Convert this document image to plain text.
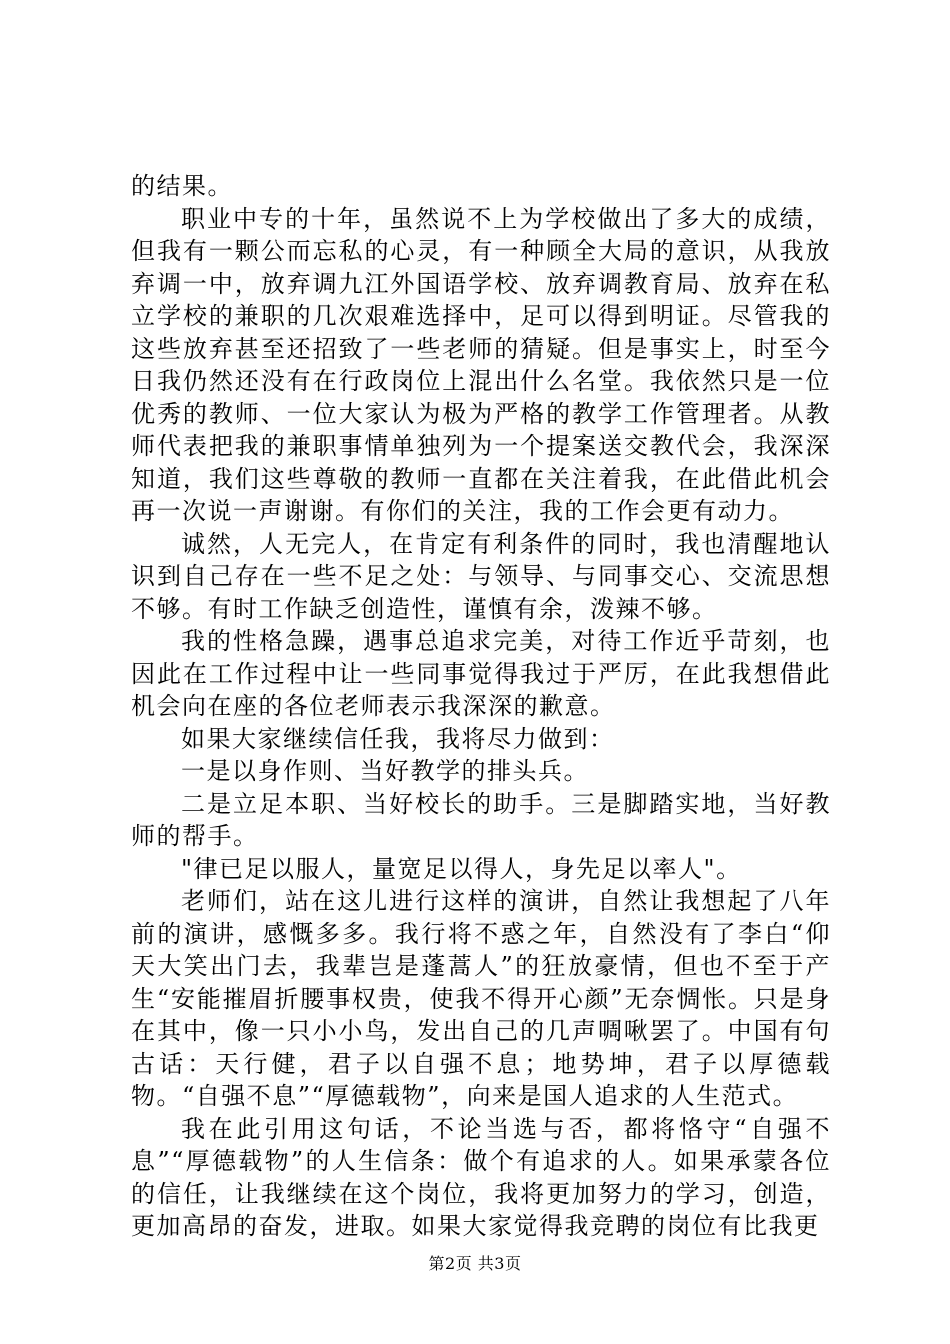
的结果。

职业中专的十年，虽然说不上为学校做出了多大的成绩，但我有一颗公而忘私的心灵，有一种顾全大局的意识，从我放弃调一中，放弃调九江外国语学校、放弃调教育局、放弃在私立学校的兼职的几次艰难选择中，足可以得到明证。尽管我的这些放弃甚至还招致了一些老师的猜疑。但是事实上，时至今日我仍然还没有在行政岗位上混出什么名堂。我依然只是一位优秀的教师、一位大家认为极为严格的教学工作管理者。从教师代表把我的兼职事情单独列为一个提案送交教代会，我深深知道，我们这些尊敬的教师一直都在关注着我，在此借此机会再一次说一声谢谢。有你们的关注，我的工作会更有动力。

诚然，人无完人，在肯定有利条件的同时，我也清醒地认识到自己存在一些不足之处：与领导、与同事交心、交流思想不够。有时工作缺乏创造性，谨慎有余，泼辣不够。

我的性格急躁，遇事总追求完美，对待工作近乎苛刻，也因此在工作过程中让一些同事觉得我过于严厉，在此我想借此机会向在座的各位老师表示我深深的歉意。

如果大家继续信任我，我将尽力做到：

一是以身作则、当好教学的排头兵。

二是立足本职、当好校长的助手。三是脚踏实地，当好教师的帮手。

"律已足以服人，量宽足以得人，身先足以率人"。

老师们，站在这儿进行这样的演讲，自然让我想起了八年前的演讲，感慨多多。我行将不惑之年，自然没有了李白“仰天大笑出门去，我辈岂是蓬蒿人”的狂放豪情，但也不至于产生“安能摧眉折腰事权贵，使我不得开心颜”无奈惆怅。只是身在其中，像一只小小鸟，发出自己的几声啁啾罢了。中国有句古话：天行健，君子以自强不息；地势坤，君子以厚德载物。“自强不息”“厚德载物”，向来是国人追求的人生范式。

我在此引用这句话，不论当选与否，都将恪守“自强不息”“厚德载物”的人生信条：做个有追求的人。如果承蒙各位的信任，让我继续在这个岗位，我将更加努力的学习，创造，更加高昂的奋发，进取。如果大家觉得我竞聘的岗位有比我更

第2页 共3页
